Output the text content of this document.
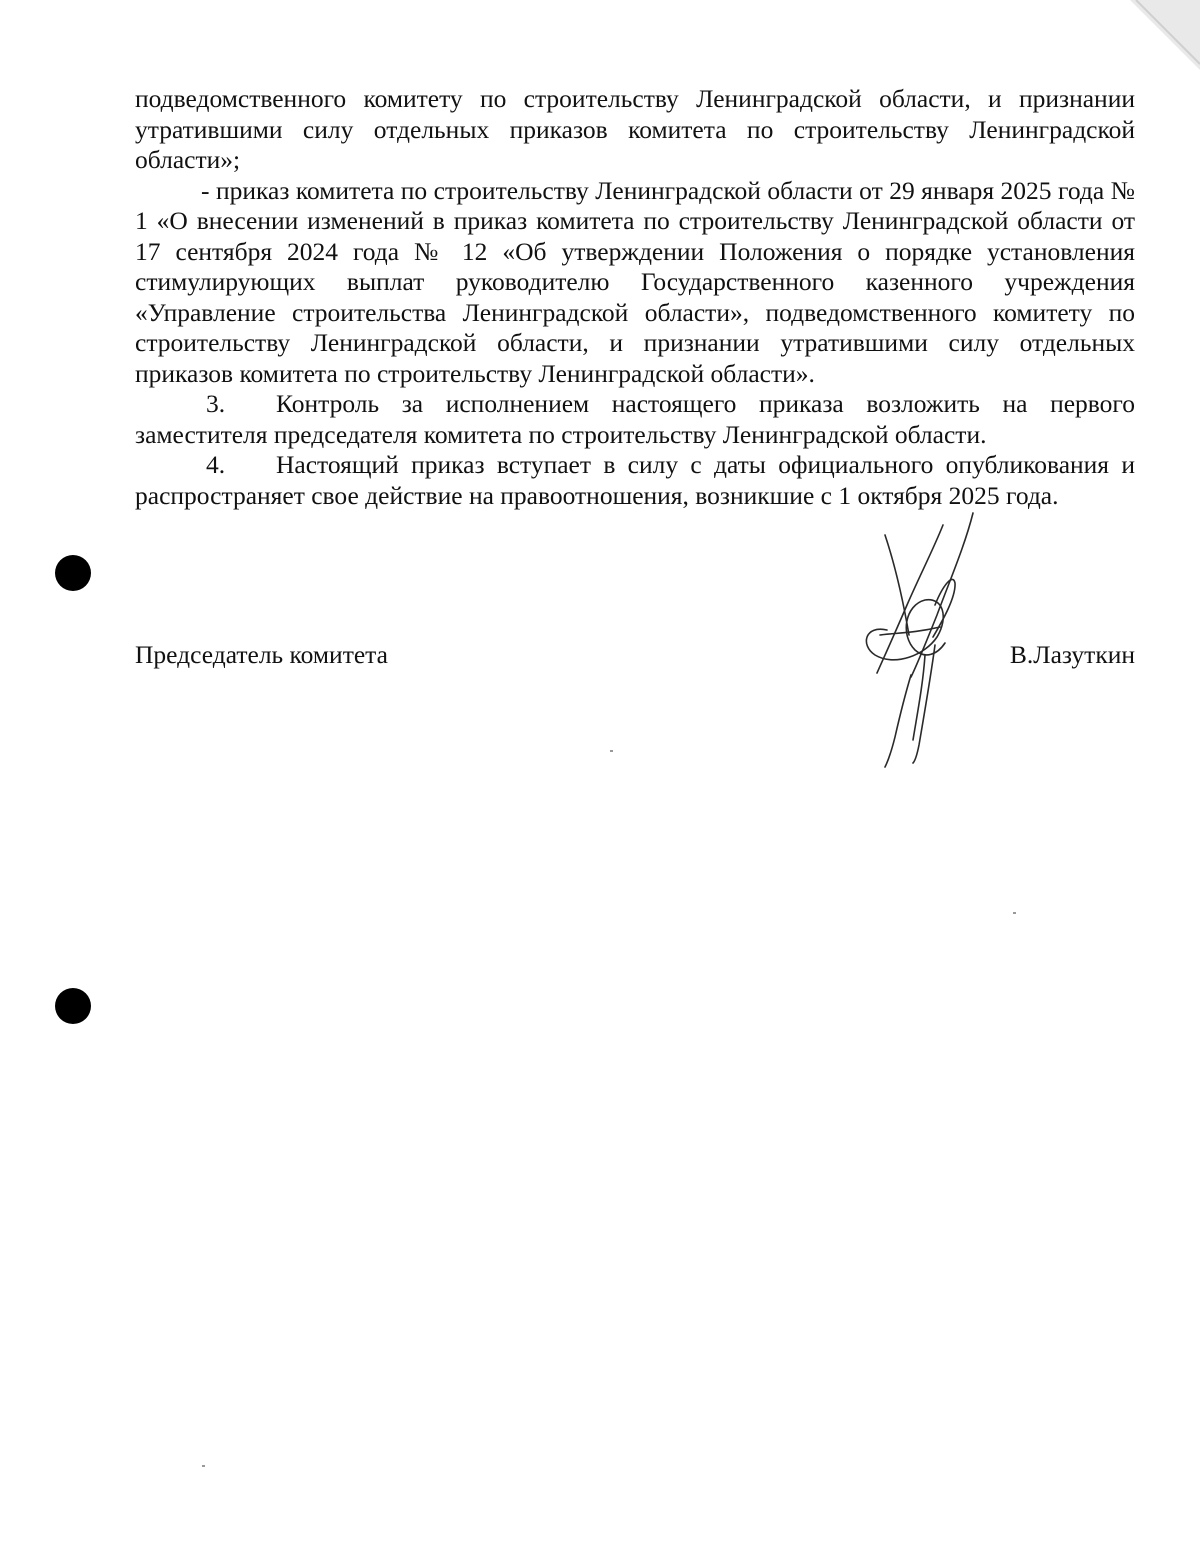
подведомственного комитету по строительству Ленинградской области, и признании утратившими силу отдельных приказов комитета по строительству Ленинградской области»;

- приказ комитета по строительству Ленинградской области от 29 января 2025 года № 1 «О внесении изменений в приказ комитета по строительству Ленинградской области от 17 сентября 2024 года № 12 «Об утверждении Положения о порядке установления стимулирующих выплат руководителю Государственного казенного учреждения «Управление строительства Ленинградской области», подведомственного комитету по строительству Ленинградской области, и признании утратившими силу отдельных приказов комитета по строительству Ленинградской области».

3. Контроль за исполнением настоящего приказа возложить на первого заместителя председателя комитета по строительству Ленинградской области.

4. Настоящий приказ вступает в силу с даты официального опубликования и распространяет свое действие на правоотношения, возникшие с 1 октября 2025 года.

Председатель комитета	В.Лазуткин
